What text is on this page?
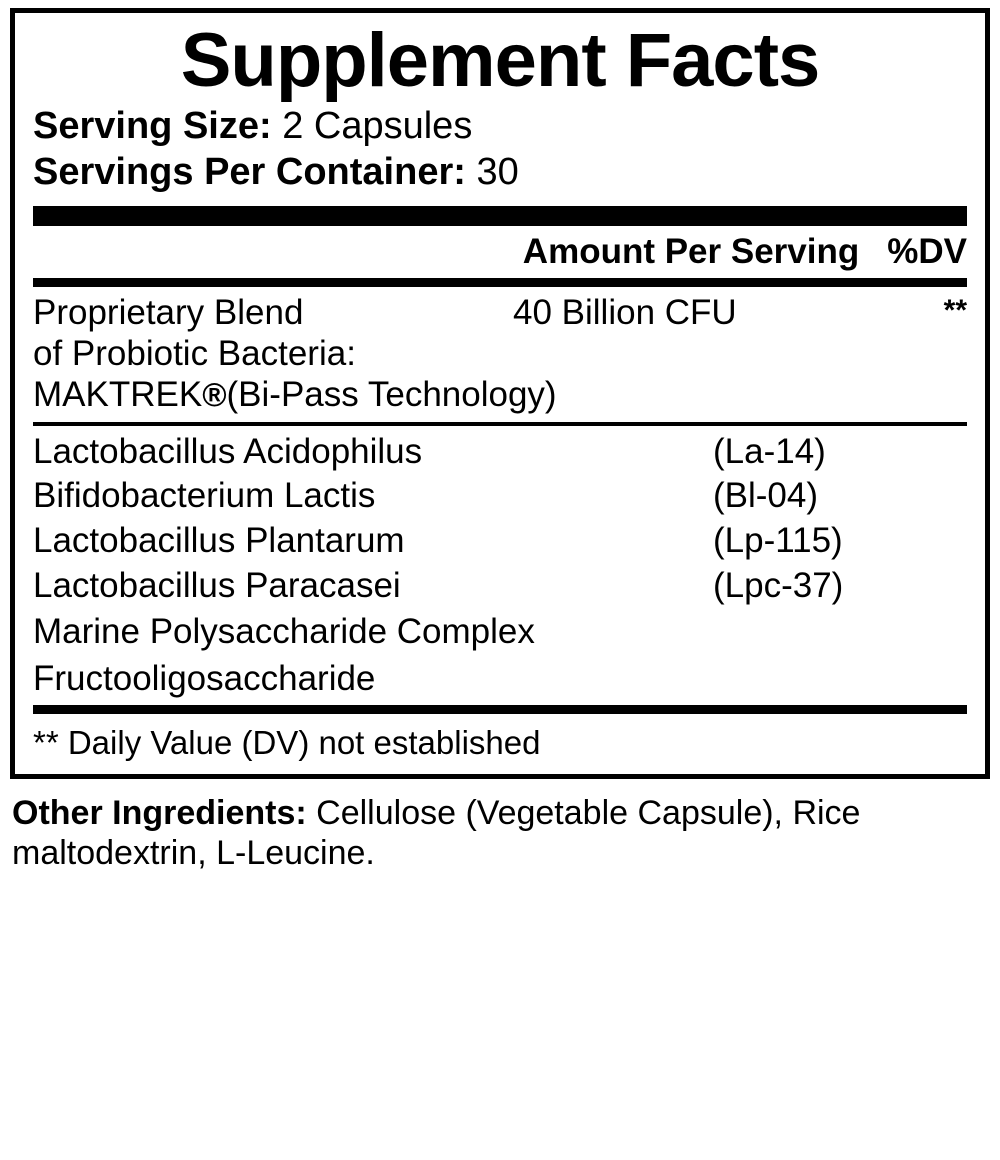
Supplement Facts
Serving Size: 2 Capsules
Servings Per Container: 30
Amount Per Serving %DV
Proprietary Blend	40 Billion CFU	**
of Probiotic Bacteria:
MAKTREK®(Bi-Pass Technology)
Lactobacillus Acidophilus	(La-14)
Bifidobacterium Lactis	(Bl-04)
Lactobacillus Plantarum	(Lp-115)
Lactobacillus Paracasei	(Lpc-37)
Marine Polysaccharide Complex
Fructooligosaccharide
** Daily Value (DV) not established
Other Ingredients: Cellulose (Vegetable Capsule), Rice maltodextrin, L-Leucine.
